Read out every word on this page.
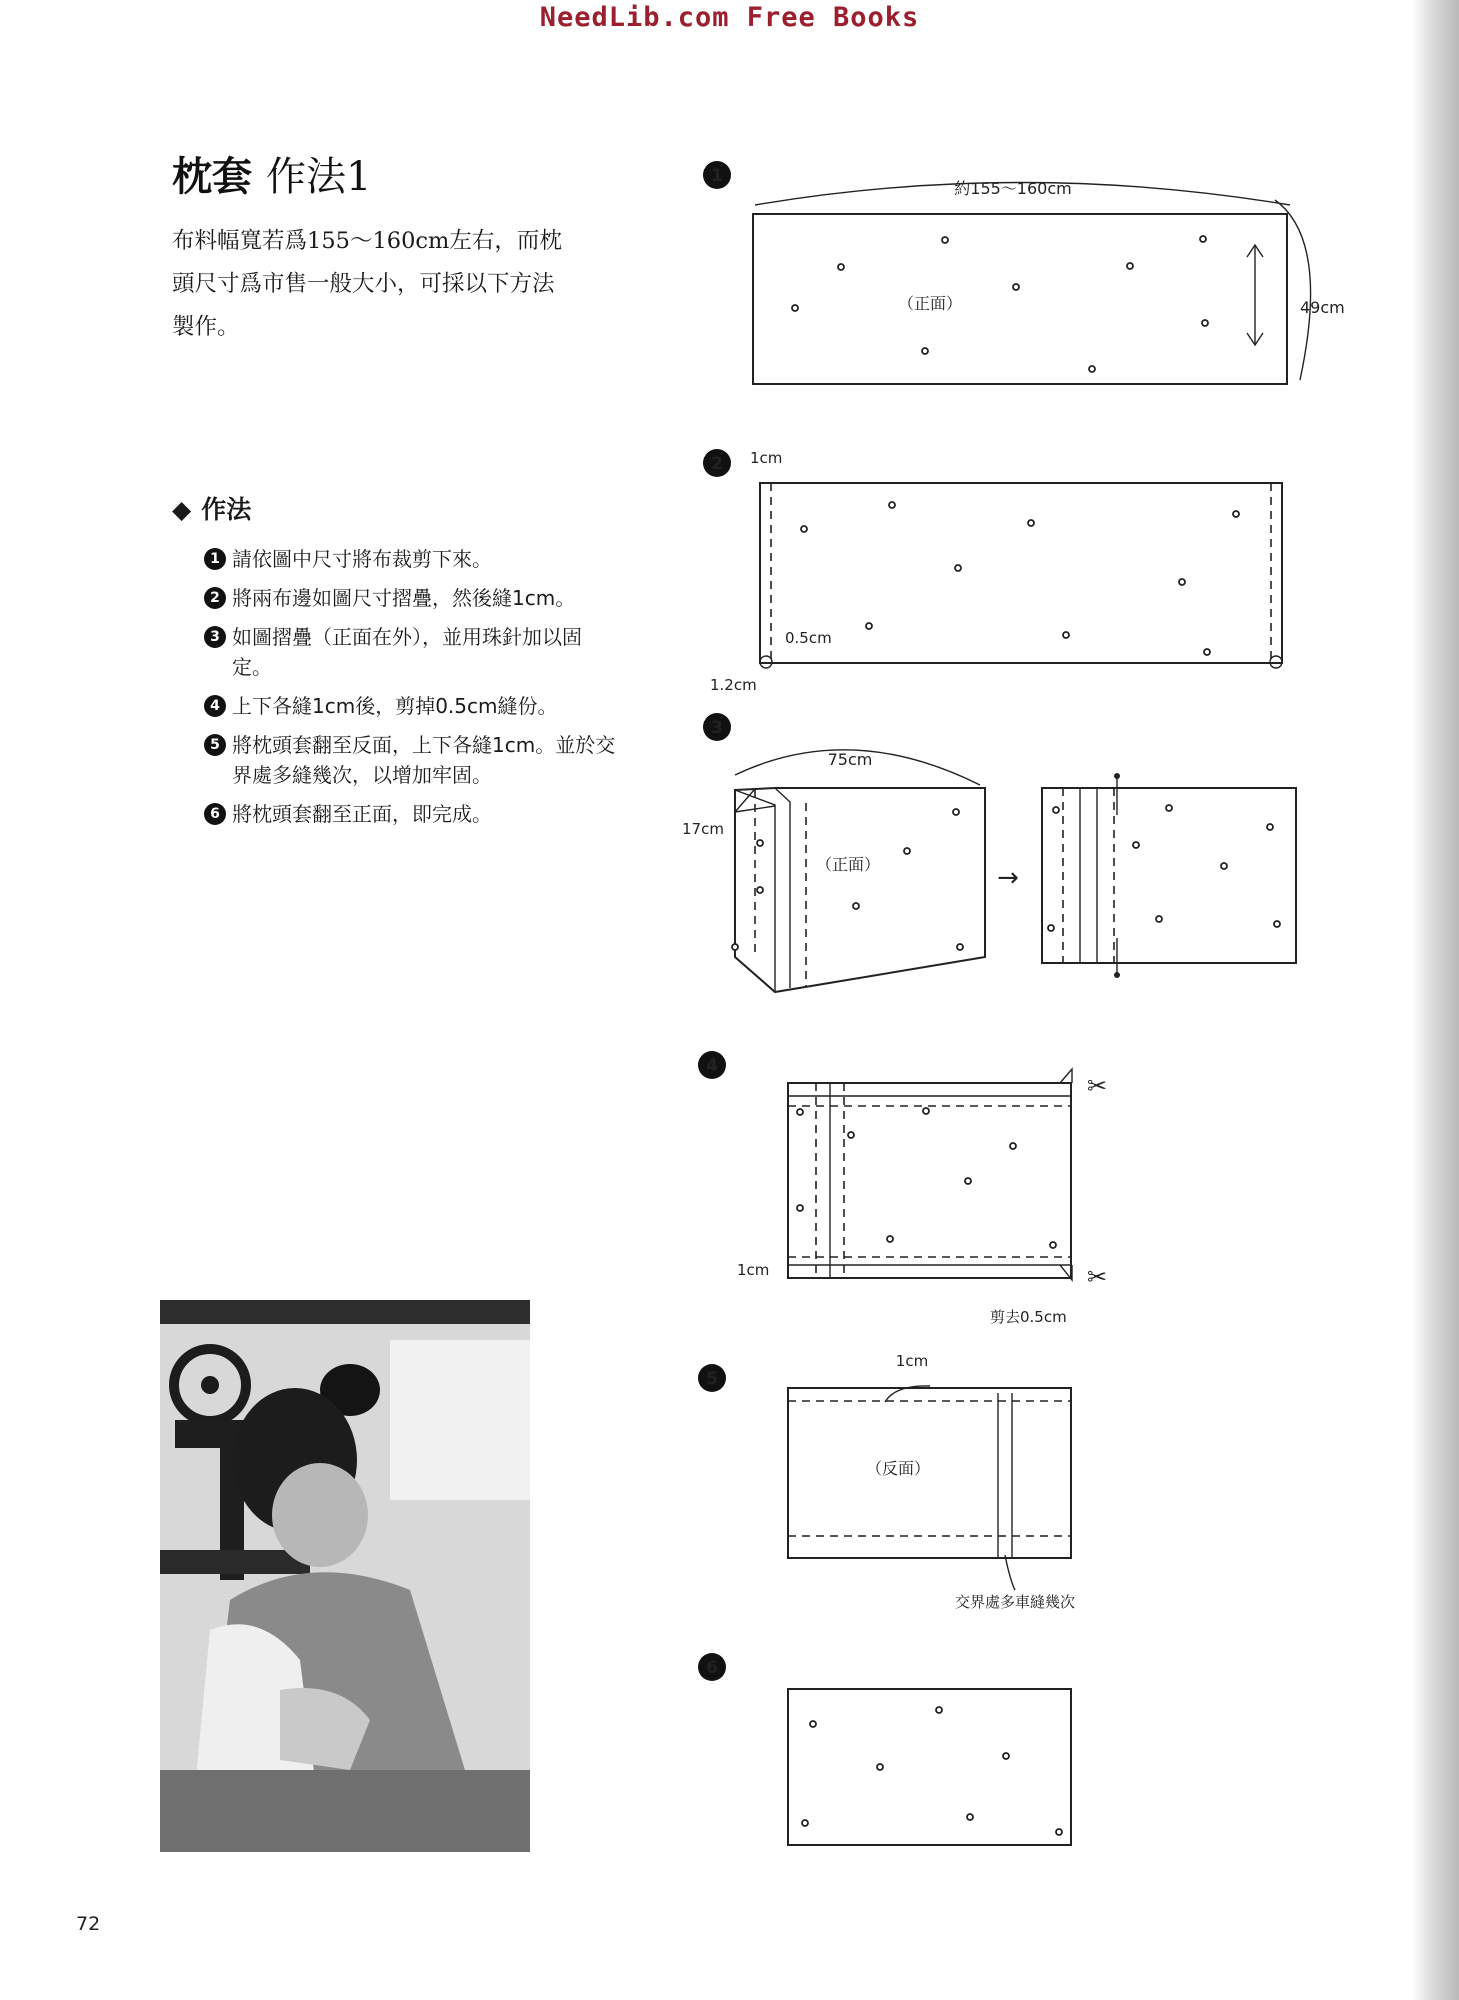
NeedLib.com Free Books
枕套 作法1
布料幅寬若爲155～160cm左右，而枕
頭尺寸爲市售一般大小，可採以下方法
製作。
◆ 作法
1 請依圖中尺寸將布裁剪下來。
2 將兩布邊如圖尺寸摺疊，然後縫1cm。
3 如圖摺疊（正面在外），並用珠針加以固定。
4 上下各縫1cm後，剪掉0.5cm縫份。
5 將枕頭套翻至反面，上下各縫1cm。並於交界處多縫幾次，以增加牢固。
6 將枕頭套翻至正面，即完成。
72
1
約155～160cm
49cm
（正面）
2 1cm
0.5cm
1.2cm
3
75cm
17cm
（正面）	→
4
✂
✂
1cm
剪去0.5cm
5
1cm
（反面）
交界處多車縫幾次
6
